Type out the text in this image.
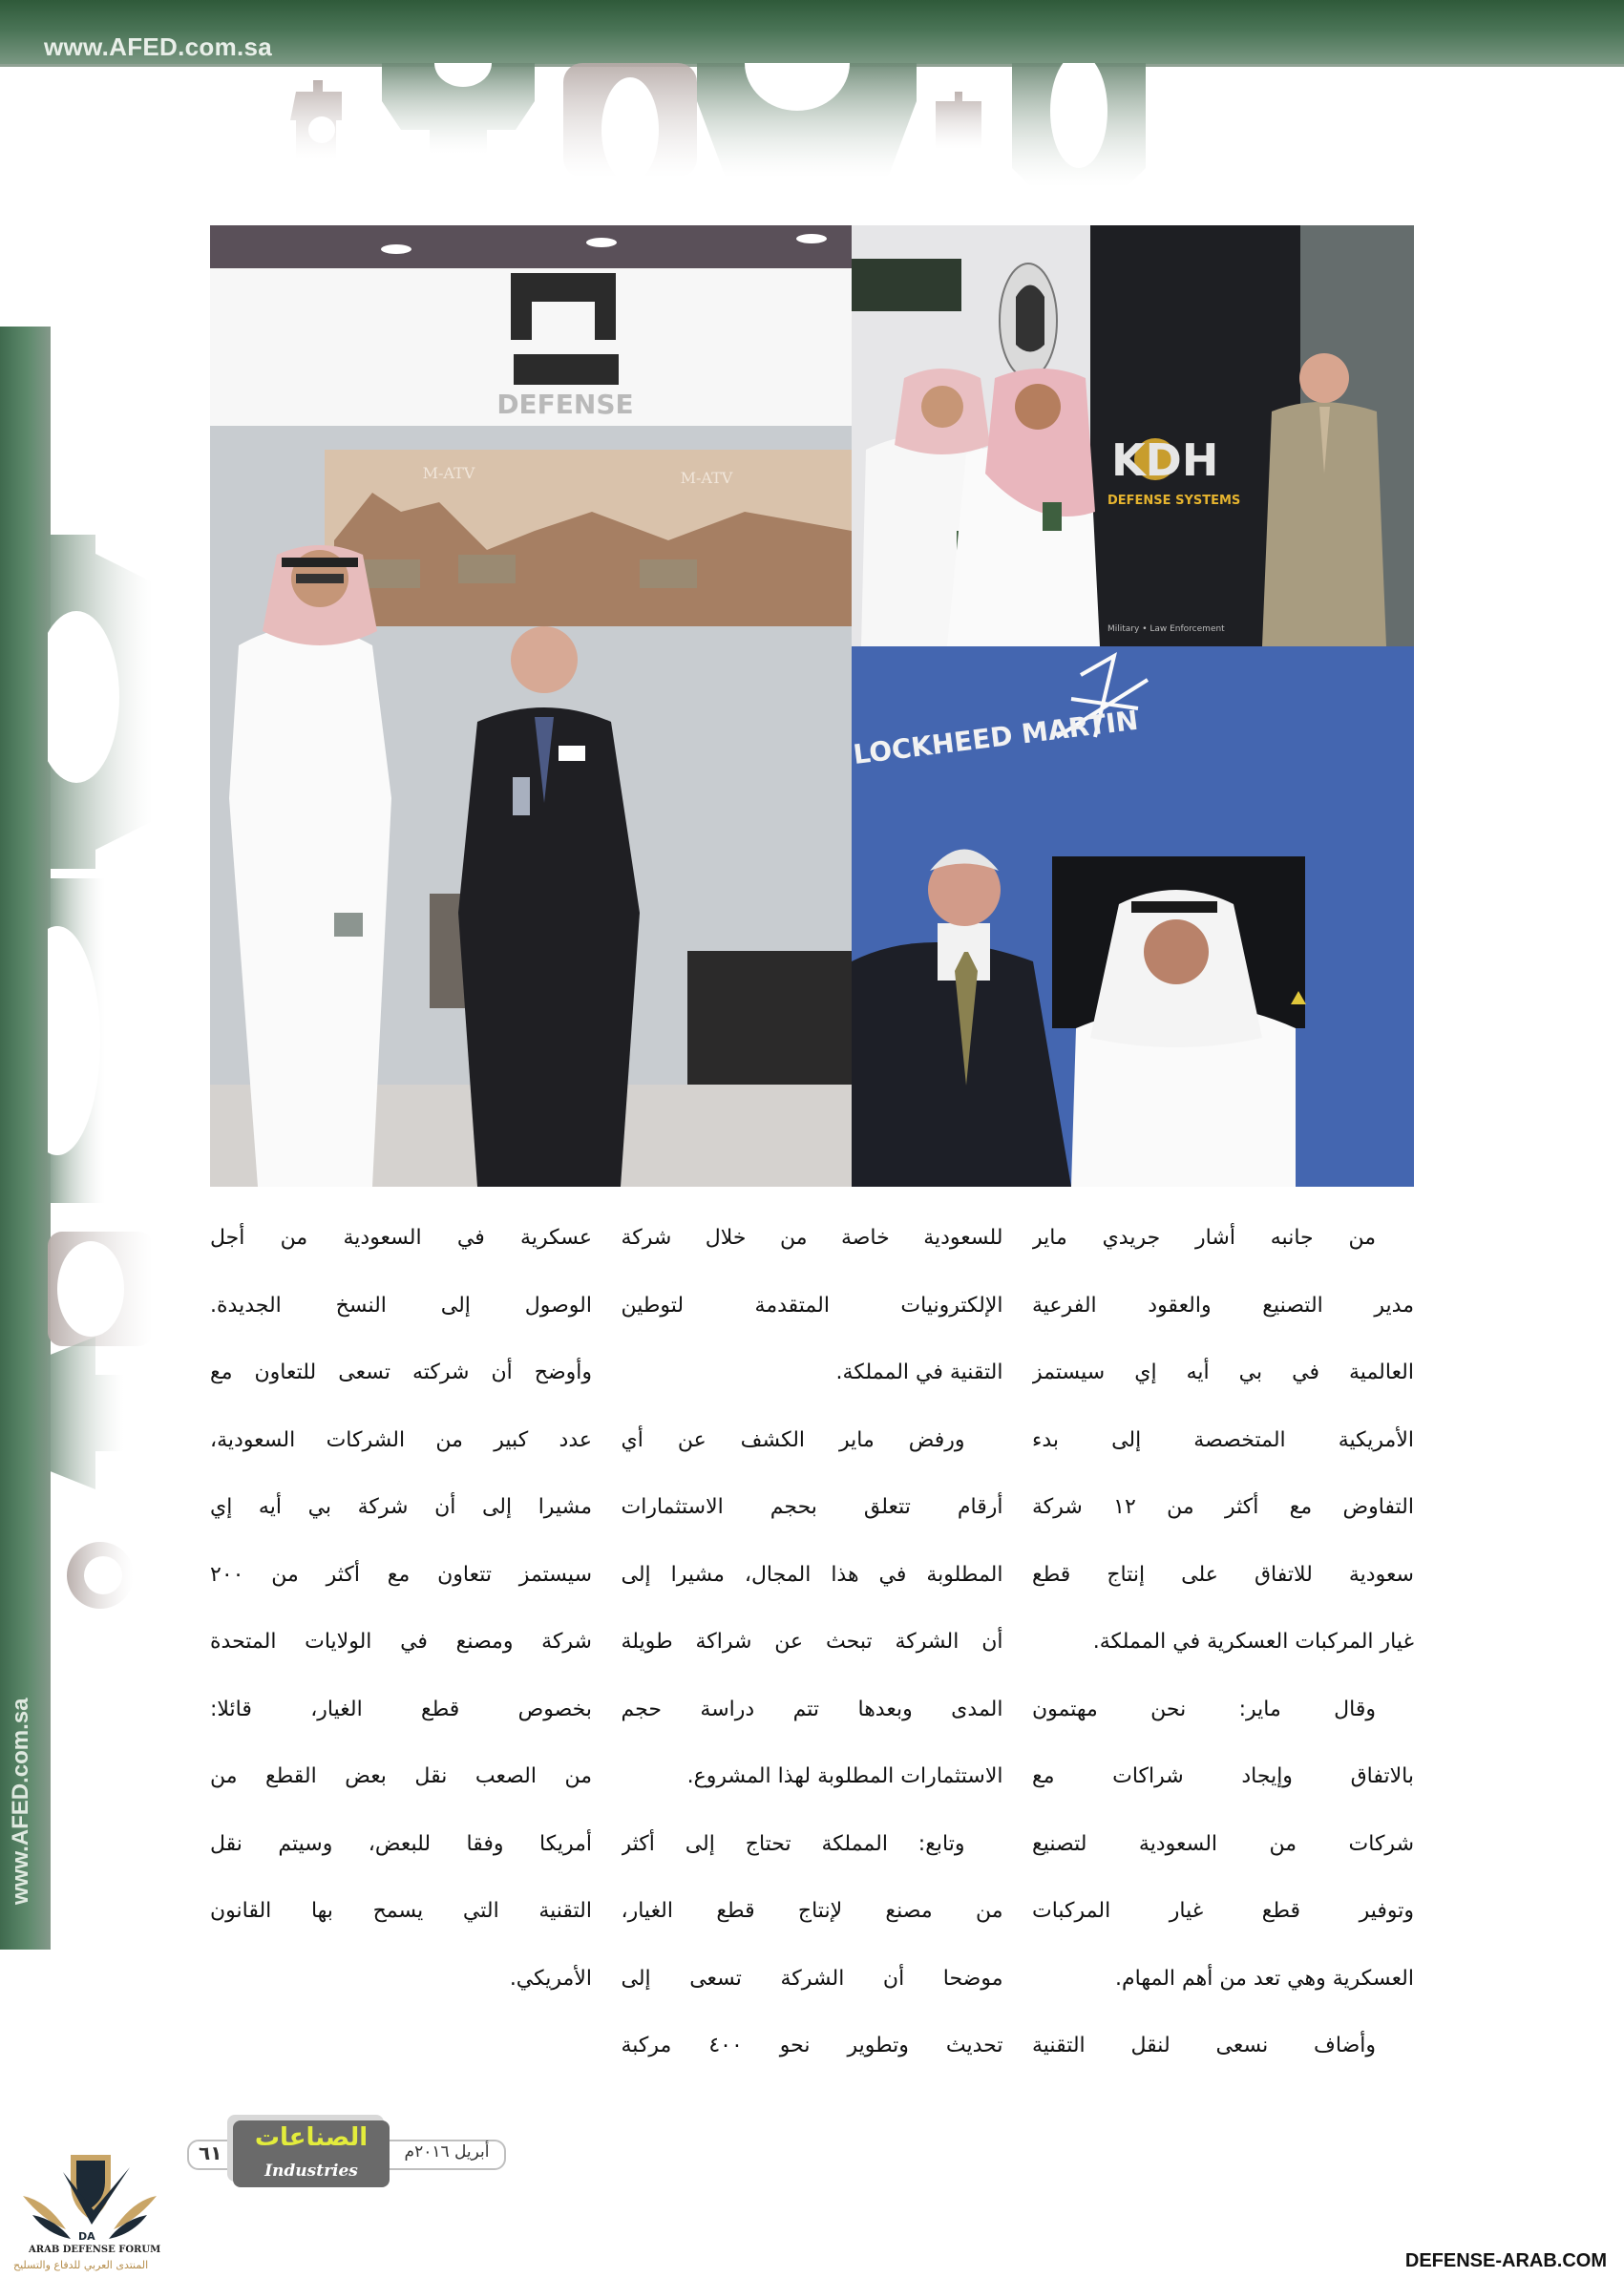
www.AFED.com.sa
www.AFED.com.sa
DEFENSE
M-ATV	M-ATV	KDH
DEFENSE SYSTEMS
Military • Law Enforcement
LOCKHEED MARTIN
من جانبه أشار جريدي ماير
مدير التصنيع والعقود الفرعية
العالمية في بي أيه إي سيستمز
الأمريكية المتخصصة إلى بدء
التفاوض مع أكثر من ١٢ شركة
سعودية للاتفاق على إنتاج قطع
غيار المركبات العسكرية في المملكة.
وقال ماير: نحن مهتمون
بالاتفاق وإيجاد شراكات مع
شركات من السعودية لتصنيع
وتوفير قطع غيار المركبات
العسكرية وهي تعد من أهم المهام.
وأضاف نسعى لنقل التقنية
للسعودية خاصة من خلال شركة
الإلكترونيات المتقدمة لتوطين
التقنية في المملكة.
ورفض ماير الكشف عن أي
أرقام تتعلق بحجم الاستثمارات
المطلوبة في هذا المجال، مشيرا إلى
أن الشركة تبحث عن شراكة طويلة
المدى وبعدها تتم دراسة حجم
الاستثمارات المطلوبة لهذا المشروع.
وتابع: المملكة تحتاج إلى أكثر
من مصنع لإنتاج قطع الغيار،
موضحا أن الشركة تسعى إلى
تحديث وتطوير نحو ٤٠٠ مركبة
عسكرية في السعودية من أجل
الوصول إلى النسخ الجديدة.
وأوضح أن شركته تسعى للتعاون مع
عدد كبير من الشركات السعودية،
مشيرا إلى أن شركة بي أيه إي
سيستمز تتعاون مع أكثر من ٢٠٠
شركة ومصنع في الولايات المتحدة
بخصوص قطع الغيار، قائلا:
من الصعب نقل بعض القطع من
أمريكا وفقا للبعض، وسيتم نقل
التقنية التي يسمح بها القانون
الأمريكي.
٦١
الصناعات
Industries
أبريل ٢٠١٦م
DA
ARAB DEFENSE FORUM
المنتدى العربي للدفاع والتسليح	DEFENSE-ARAB.COM
